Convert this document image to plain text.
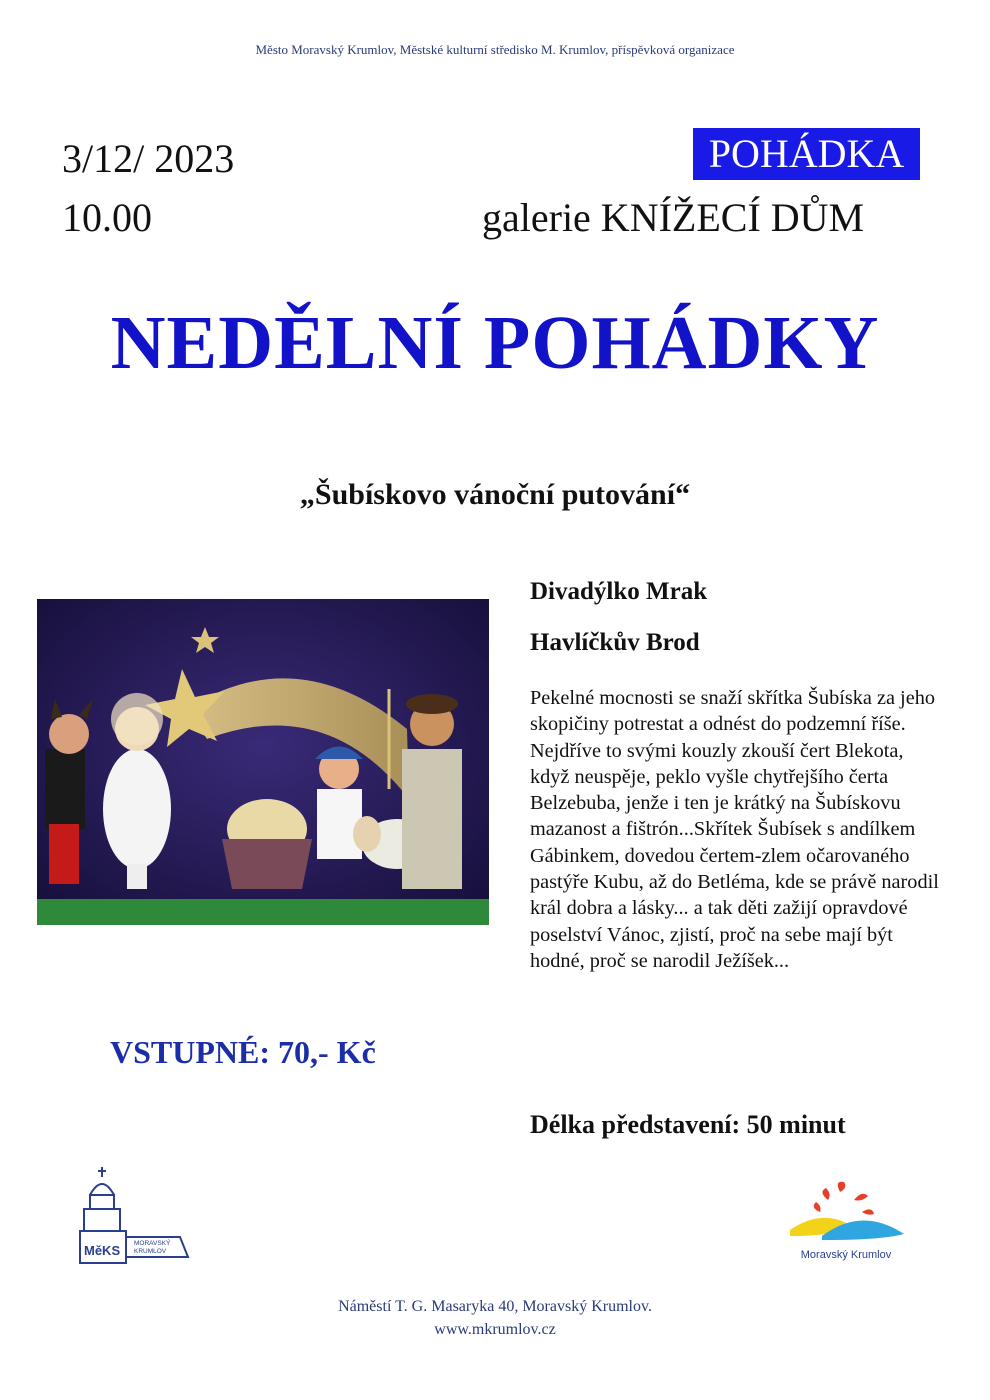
Město Moravský Krumlov, Městské kulturní středisko M. Krumlov, příspěvková organizace
3/12/ 2023
10.00
POHÁDKA
galerie KNÍŽECÍ DŮM
NEDĚLNÍ POHÁDKY
„Šubískovo vánoční putování“
Divadýlko Mrak
Havlíčkův Brod
Pekelné mocnosti se snaží skřítka Šubíska za jeho skopičiny potrestat a odnést do podzemní říše. Nejdříve to svými kouzly zkouší čert Blekota, když neuspěje, peklo vyšle chytřejšího čerta Belzebuba, jenže i ten je krátký na Šubískovu mazanost a fištrón...Skřítek Šubísek s andílkem Gábinkem, dovedou čertem-zlem očarovaného pastýře Kubu, až do Betléma, kde se právě narodil král dobra a lásky... a tak děti zažijí opravdové poselství Vánoc, zjistí, proč na sebe mají být hodné, proč se narodil Ježíšek...
VSTUPNÉ: 70,- Kč
Délka představení: 50 minut
MěKS MORAVSKÝ
KRUMLOV	Moravský Krumlov
Náměstí T. G. Masaryka 40, Moravský Krumlov.
www.mkrumlov.cz
